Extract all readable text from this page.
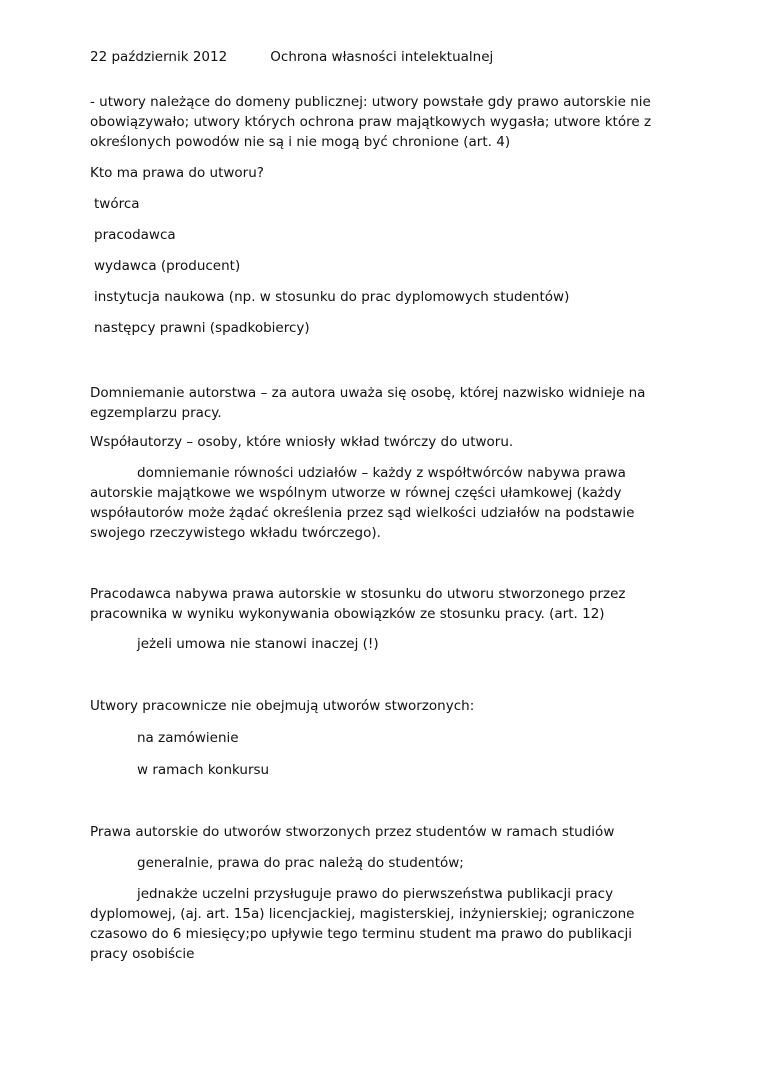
22 październik 2012	Ochrona własności intelektualnej

- utwory należące do domeny publicznej: utwory powstałe gdy prawo autorskie nie obowiązywało; utwory których ochrona praw majątkowych wygasła; utwore które z określonych powodów nie są i nie mogą być chronione (art. 4)

Kto ma prawa do utworu?

twórca

pracodawca

wydawca (producent)

instytucja naukowa (np. w stosunku do prac dyplomowych studentów)

następcy prawni (spadkobiercy)

Domniemanie autorstwa – za autora uważa się osobę, której nazwisko widnieje na egzemplarzu pracy.

Współautorzy – osoby, które wniosły wkład twórczy do utworu.

domniemanie równości udziałów – każdy z współtwórców nabywa prawa autorskie majątkowe we wspólnym utworze w równej części ułamkowej (każdy współautorów może żądać określenia przez sąd wielkości udziałów na podstawie swojego rzeczywistego wkładu twórczego).

Pracodawca nabywa prawa autorskie w stosunku do utworu stworzonego przez pracownika w wyniku wykonywania obowiązków ze stosunku pracy. (art. 12)

jeżeli umowa nie stanowi inaczej (!)

Utwory pracownicze nie obejmują utworów stworzonych:

na zamówienie

w ramach konkursu

Prawa autorskie do utworów stworzonych przez studentów w ramach studiów

generalnie, prawa do prac należą do studentów;

jednakże uczelni przysługuje prawo do pierwszeństwa publikacji pracy dyplomowej, (aj. art. 15a) licencjackiej, magisterskiej, inżynierskiej; ograniczone czasowo do 6 miesięcy;po upływie tego terminu student ma prawo do publikacji pracy osobiście
